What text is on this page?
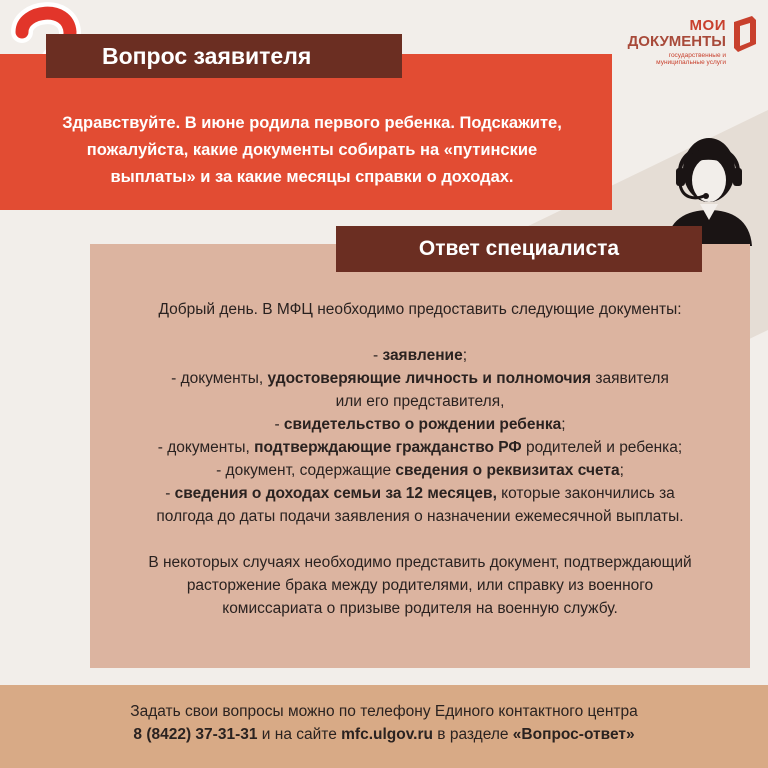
МОИ
ДОКУМЕНТЫ
государственные и муниципальные услуги
Вопрос заявителя
Здравствуйте. В июне родила первого ребенка. Подскажите,
пожалуйста, какие документы собирать на «путинские
выплаты» и за какие месяцы справки о доходах.
Ответ специалиста

Добрый день. В МФЦ необходимо предоставить следующие документы:

- заявление;

- документы, удостоверяющие личность и полномочия заявителя

или его представителя,

- свидетельство о рождении ребенка;

- документы, подтверждающие гражданство РФ родителей и ребенка;

- документ, содержащие сведения о реквизитах счета;

- сведения о доходах семьи за 12 месяцев, которые закончились за

полгода до даты подачи заявления о назначении ежемесячной выплаты.

В некоторых случаях необходимо представить документ, подтверждающий

расторжение брака между родителями, или справку из военного

комиссариата о призыве родителя на военную службу.

Задать свои вопросы можно по телефону Единого контактного центра
8 (8422) 37-31-31 и на сайте mfc.ulgov.ru в разделе «Вопрос-ответ»
